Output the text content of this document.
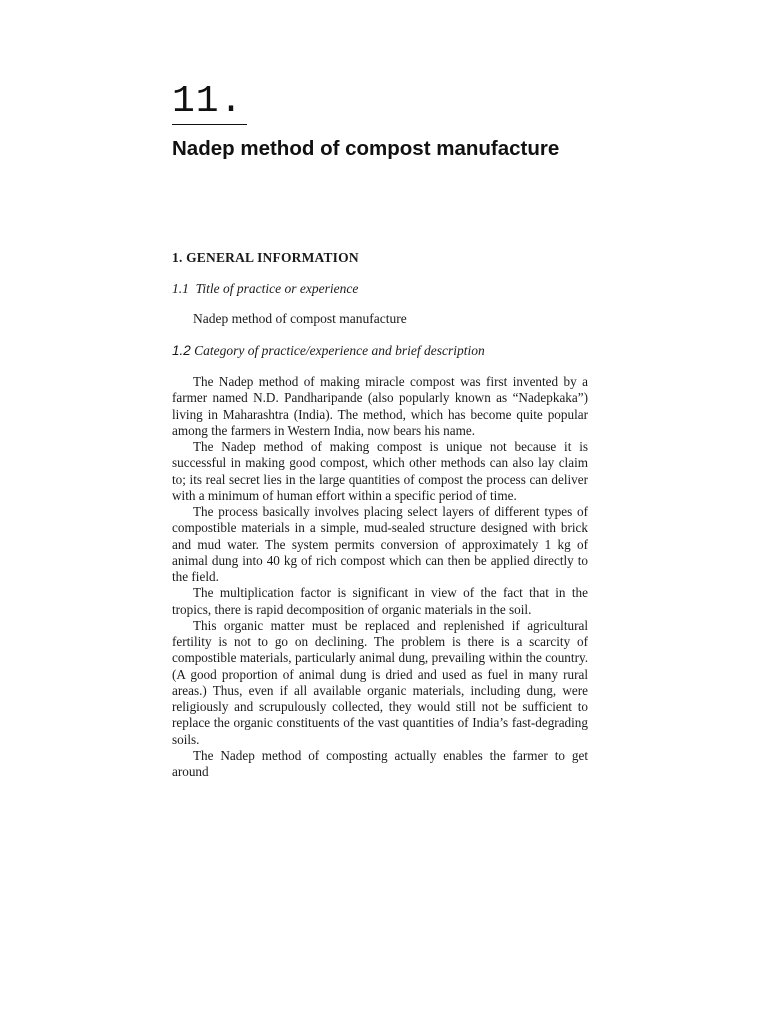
11.
Nadep method of compost manufacture
1. GENERAL INFORMATION
1.1 Title of practice or experience
Nadep method of compost manufacture
1.2 Category of practice/experience and brief description

The Nadep method of making miracle compost was first invented by a farmer named N.D. Pandharipande (also popularly known as “Nadepkaka”) living in Maharashtra (India). The method, which has become quite popular among the farmers in Western India, now bears his name.

The Nadep method of making compost is unique not because it is successful in making good compost, which other methods can also lay claim to; its real secret lies in the large quantities of compost the process can deliver with a minimum of human effort within a specific period of time.

The process basically involves placing select layers of different types of compostible materials in a simple, mud-sealed structure designed with brick and mud water. The system permits conversion of approximately 1 kg of animal dung into 40 kg of rich compost which can then be applied directly to the field.

The multiplication factor is significant in view of the fact that in the tropics, there is rapid decomposition of organic materials in the soil.

This organic matter must be replaced and replenished if agricultural fertility is not to go on declining. The problem is there is a scarcity of compostible materials, particularly animal dung, prevailing within the country. (A good proportion of animal dung is dried and used as fuel in many rural areas.) Thus, even if all available organic materials, including dung, were religiously and scrupulously collected, they would still not be sufficient to replace the organic constituents of the vast quantities of India’s fast-degrading soils.

The Nadep method of composting actually enables the farmer to get around
